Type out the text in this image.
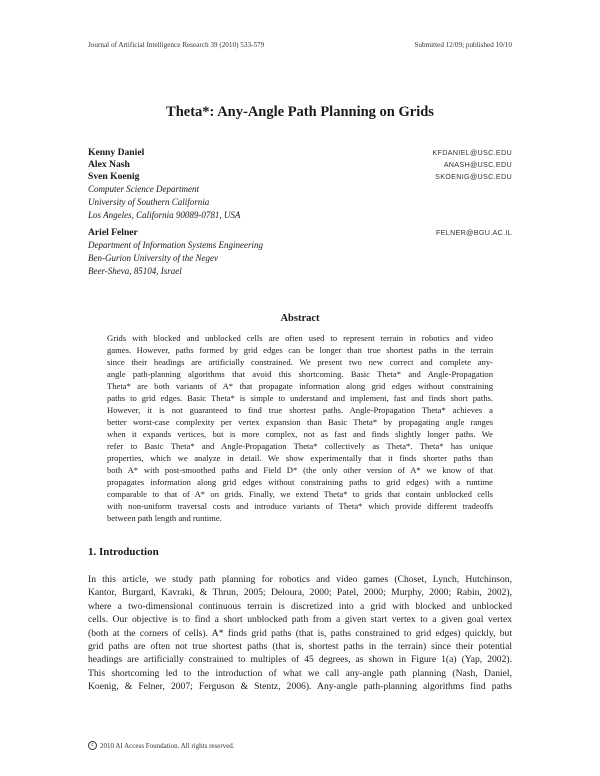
Journal of Artificial Intelligence Research 39 (2010) 533-579	Submitted 12/09; published 10/10
Theta*: Any-Angle Path Planning on Grids
Kenny Daniel	KFDANIEL@USC.EDU
Alex Nash	ANASH@USC.EDU
Sven Koenig	SKOENIG@USC.EDU
Computer Science Department
University of Southern California
Los Angeles, California 90089-0781, USA
Ariel Felner	FELNER@BGU.AC.IL
Department of Information Systems Engineering
Ben-Gurion University of the Negev
Beer-Sheva, 85104, Israel
Abstract
Grids with blocked and unblocked cells are often used to represent terrain in robotics and video
games. However, paths formed by grid edges can be longer than true shortest paths in the terrain
since their headings are artificially constrained. We present two new correct and complete any-
angle path-planning algorithms that avoid this shortcoming. Basic Theta* and Angle-Propagation
Theta* are both variants of A* that propagate information along grid edges without constraining
paths to grid edges. Basic Theta* is simple to understand and implement, fast and finds short paths.
However, it is not guaranteed to find true shortest paths. Angle-Propagation Theta* achieves a
better worst-case complexity per vertex expansion than Basic Theta* by propagating angle ranges
when it expands vertices, but is more complex, not as fast and finds slightly longer paths. We
refer to Basic Theta* and Angle-Propagation Theta* collectively as Theta*. Theta* has unique
properties, which we analyze in detail. We show experimentally that it finds shorter paths than
both A* with post-smoothed paths and Field D* (the only other version of A* we know of that
propagates information along grid edges without constraining paths to grid edges) with a runtime
comparable to that of A* on grids. Finally, we extend Theta* to grids that contain unblocked cells
with non-uniform traversal costs and introduce variants of Theta* which provide different tradeoffs
between path length and runtime.
1. Introduction
In this article, we study path planning for robotics and video games (Choset, Lynch, Hutchinson,
Kantor, Burgard, Kavraki, & Thrun, 2005; Deloura, 2000; Patel, 2000; Murphy, 2000; Rabin, 2002),
where a two-dimensional continuous terrain is discretized into a grid with blocked and unblocked
cells. Our objective is to find a short unblocked path from a given start vertex to a given goal vertex
(both at the corners of cells). A* finds grid paths (that is, paths constrained to grid edges) quickly, but
grid paths are often not true shortest paths (that is, shortest paths in the terrain) since their potential
headings are artificially constrained to multiples of 45 degrees, as shown in Figure 1(a) (Yap, 2002).
This shortcoming led to the introduction of what we call any-angle path planning (Nash, Daniel,
Koenig, & Felner, 2007; Ferguson & Stentz, 2006). Any-angle path-planning algorithms find paths
c 2010 AI Access Foundation. All rights reserved.
